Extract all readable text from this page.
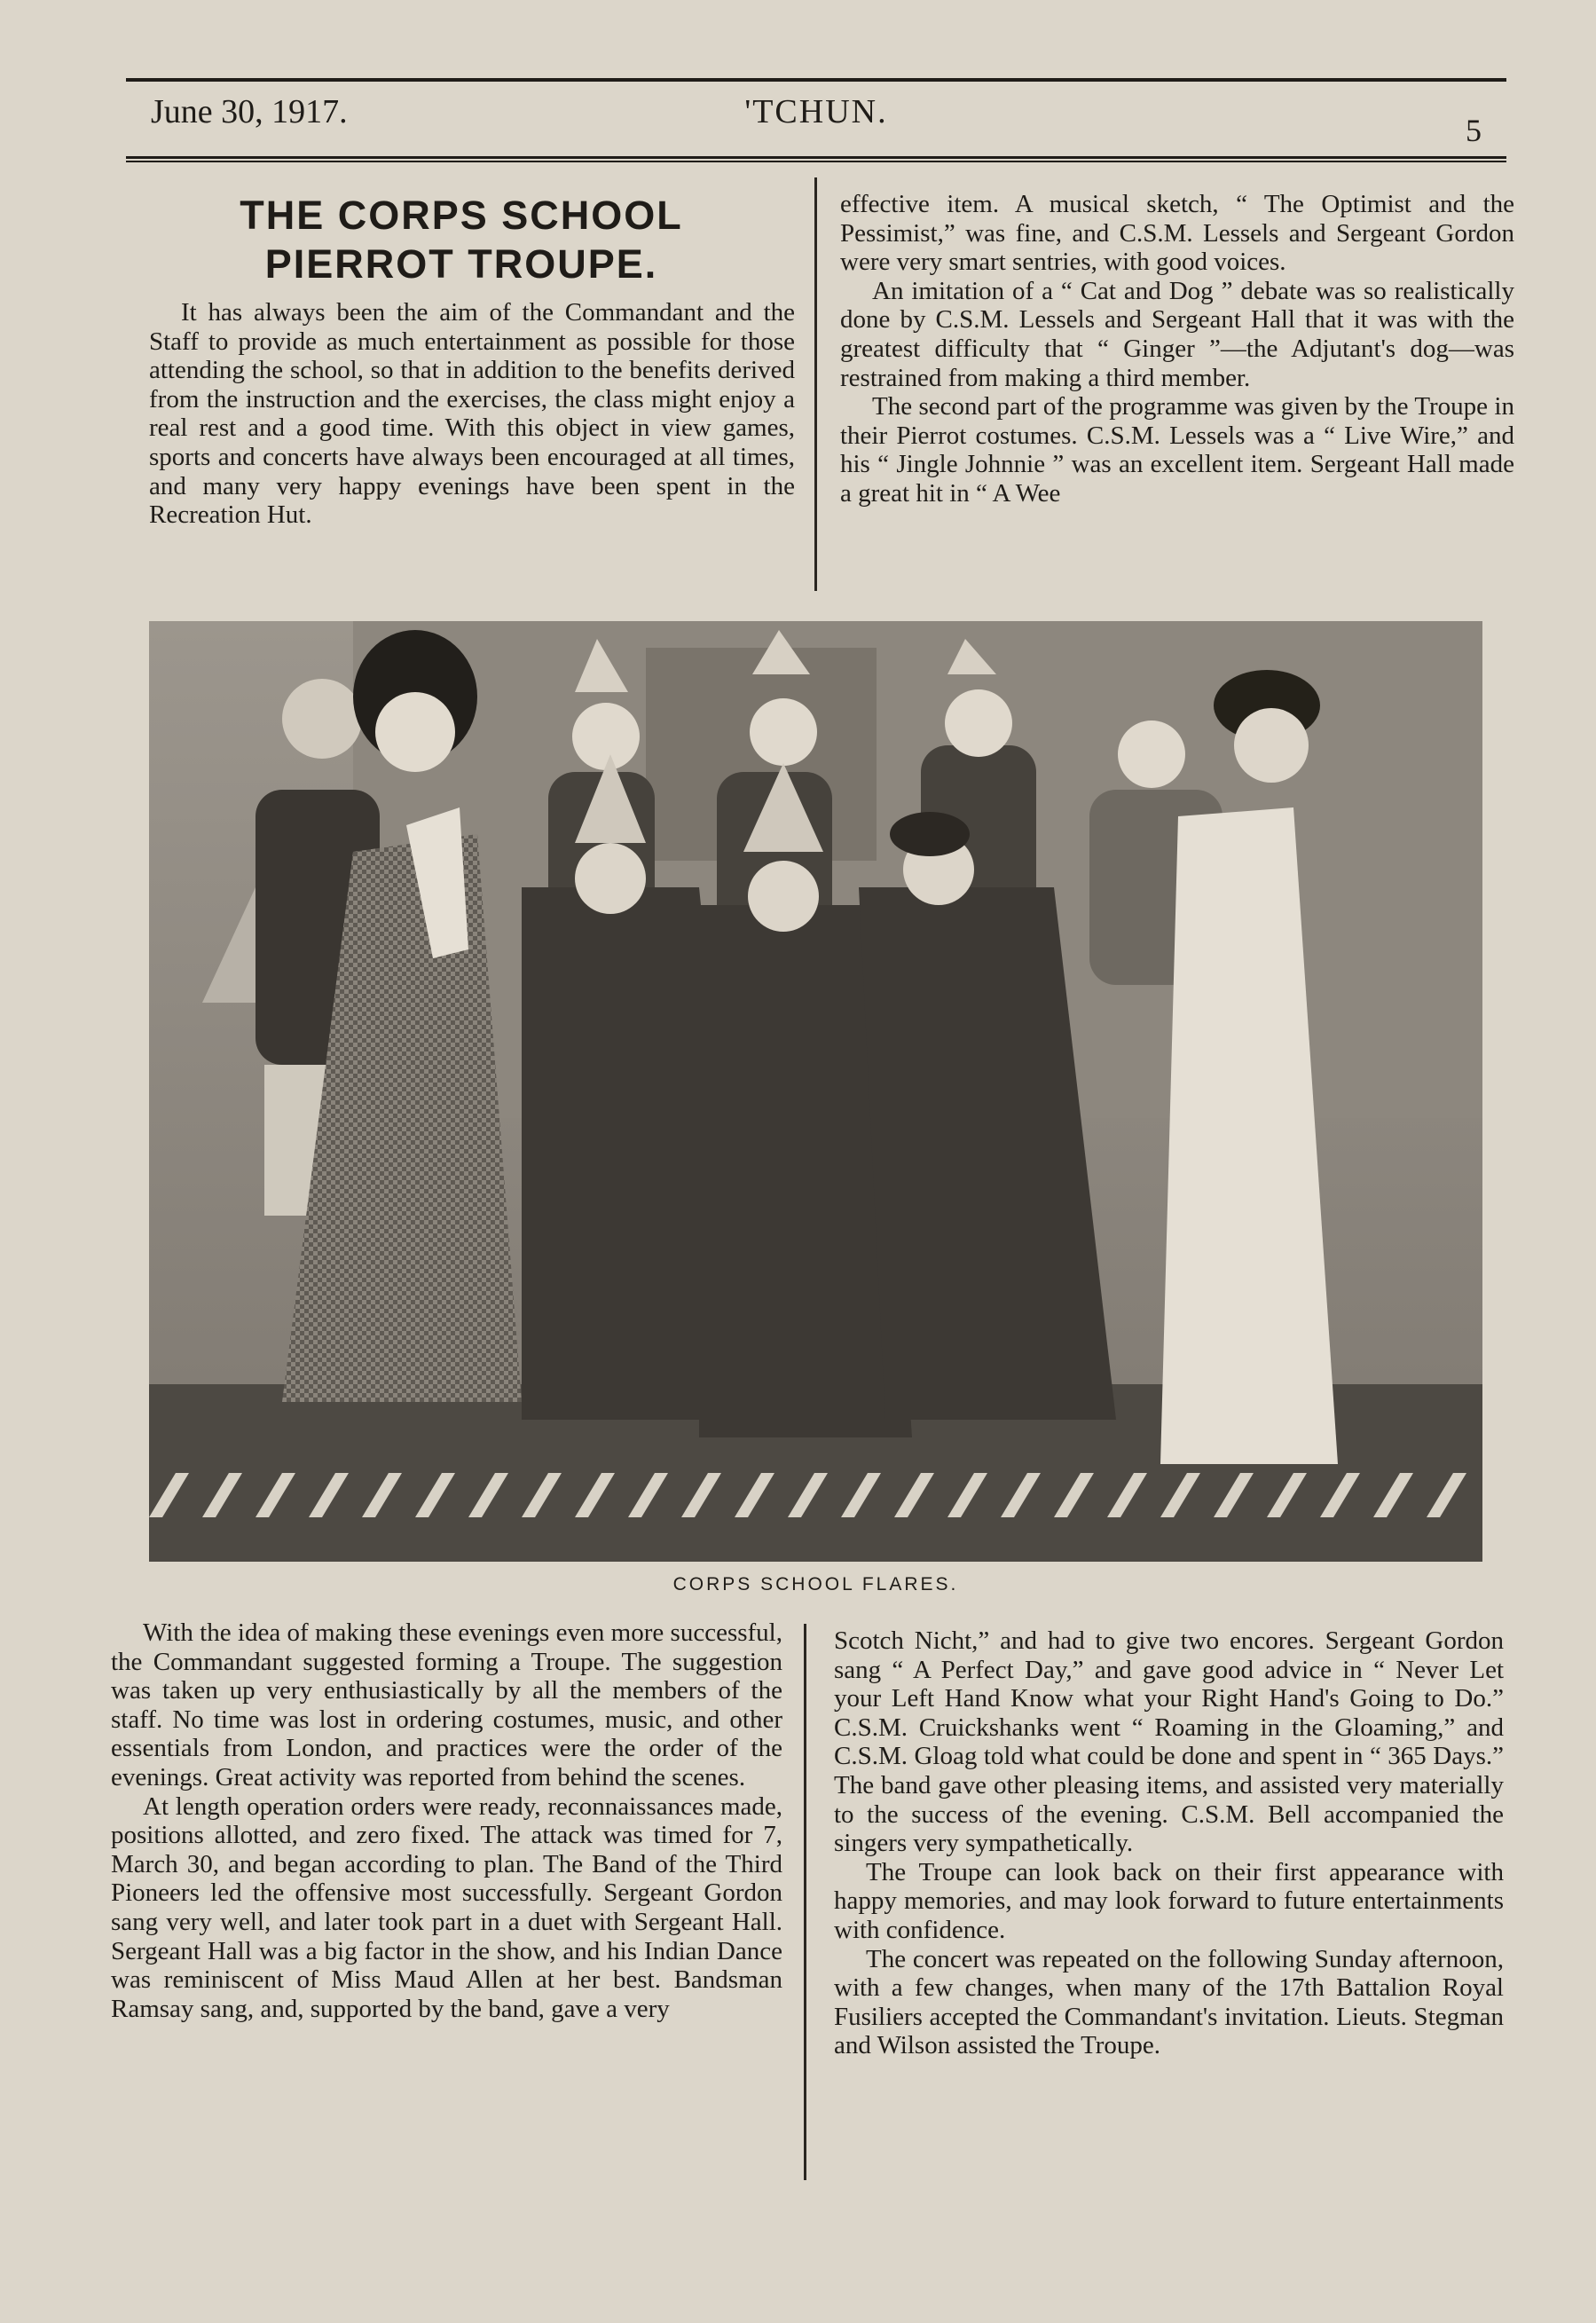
June 30, 1917.	'TCHUN.	5
THE CORPS SCHOOL
PIERROT TROUPE.

It has always been the aim of the Commandant and the Staff to provide as much entertainment as possible for those attending the school, so that in addition to the benefits derived from the instruction and the exercises, the class might enjoy a real rest and a good time. With this object in view games, sports and concerts have always been encouraged at all times, and many very happy evenings have been spent in the Recreation Hut.

effective item. A musical sketch, “ The Optimist and the Pessimist,” was fine, and C.S.M. Lessels and Sergeant Gordon were very smart sentries, with good voices.

An imitation of a “ Cat and Dog ” debate was so realistically done by C.S.M. Lessels and Sergeant Hall that it was with the greatest difficulty that “ Ginger ”—the Adjutant's dog—was restrained from making a third member.

The second part of the programme was given by the Troupe in their Pierrot costumes. C.S.M. Lessels was a “ Live Wire,” and his “ Jingle Johnnie ” was an excellent item. Sergeant Hall made a great hit in “ A Wee

CORPS SCHOOL FLARES.

With the idea of making these evenings even more successful, the Commandant suggested forming a Troupe. The suggestion was taken up very enthusiastically by all the members of the staff. No time was lost in ordering costumes, music, and other essentials from London, and practices were the order of the evenings. Great activity was reported from behind the scenes.

At length operation orders were ready, reconnaissances made, positions allotted, and zero fixed. The attack was timed for 7, March 30, and began according to plan. The Band of the Third Pioneers led the offensive most successfully. Sergeant Gordon sang very well, and later took part in a duet with Sergeant Hall. Sergeant Hall was a big factor in the show, and his Indian Dance was reminiscent of Miss Maud Allen at her best. Bandsman Ramsay sang, and, supported by the band, gave a very

Scotch Nicht,” and had to give two encores. Sergeant Gordon sang “ A Perfect Day,” and gave good advice in “ Never Let your Left Hand Know what your Right Hand's Going to Do.” C.S.M. Cruickshanks went “ Roaming in the Gloaming,” and C.S.M. Gloag told what could be done and spent in “ 365 Days.” The band gave other pleasing items, and assisted very materially to the success of the evening. C.S.M. Bell accompanied the singers very sympathetically.

The Troupe can look back on their first appearance with happy memories, and may look forward to future entertainments with confidence.

The concert was repeated on the following Sunday afternoon, with a few changes, when many of the 17th Battalion Royal Fusiliers accepted the Commandant's invitation. Lieuts. Stegman and Wilson assisted the Troupe.
